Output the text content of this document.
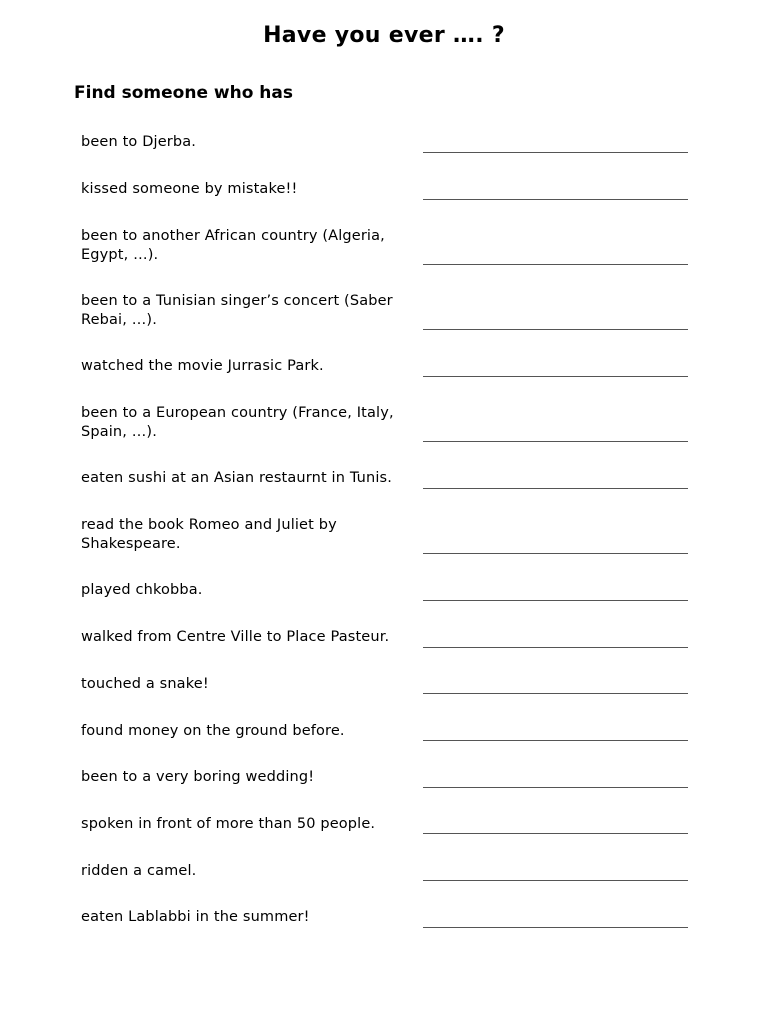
Have you ever …. ?
Find someone who has
been to Djerba.
kissed someone by mistake!!
been to another African country (Algeria, Egypt, …).
been to a Tunisian singer’s concert (Saber Rebai, …).
watched the movie Jurrasic Park.
been to a European country (France, Italy, Spain, …).
eaten sushi at an Asian restaurnt in Tunis.
read the book Romeo and Juliet by Shakespeare.
played chkobba.
walked from Centre Ville to Place Pasteur.
touched a snake!
found money on the ground before.
been to a very boring wedding!
spoken in front of more than 50 people.
ridden a camel.
eaten Lablabbi in the summer!
